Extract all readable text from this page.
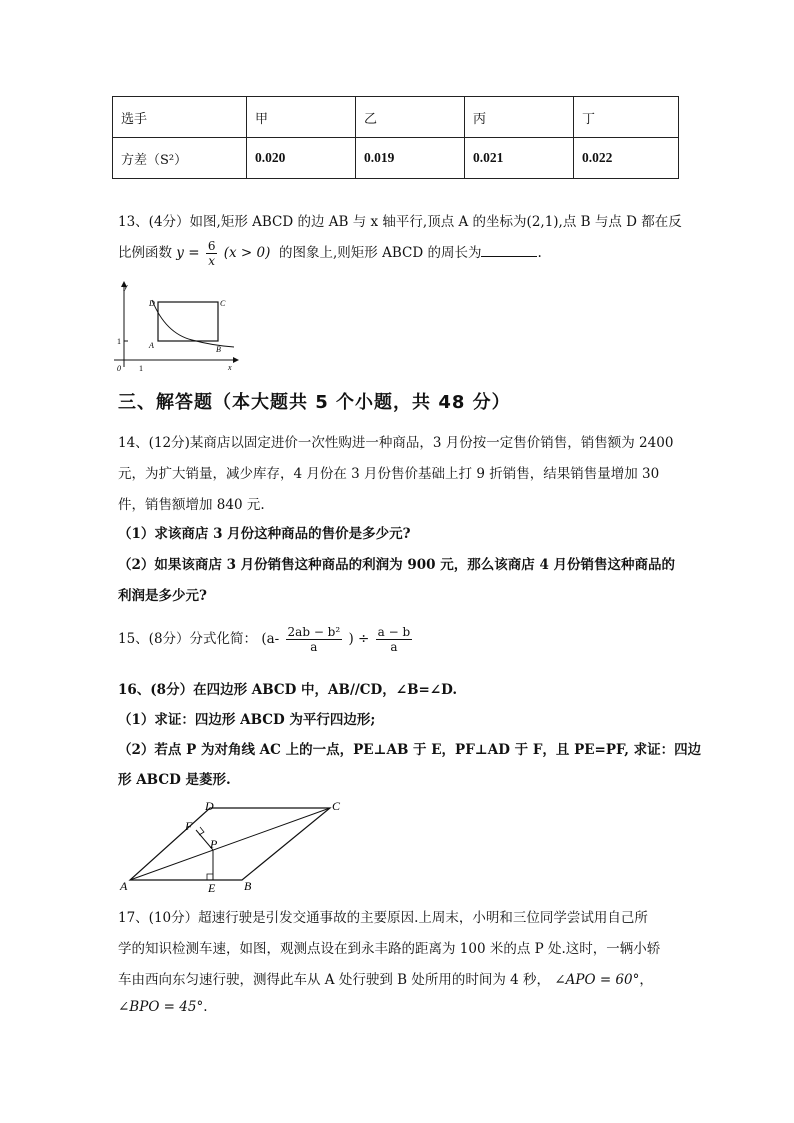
选手	甲	乙	丙	丁
方差（S²）	0.020	0.019	0.021	0.022
13、(4分）如图,矩形 ABCD 的边 AB 与 x 轴平行,顶点 A 的坐标为(2,1),点 B 与点 D 都在反
比例函数 $y = \frac{6}{x} (x > 0)$ 的图象上,则矩形 ABCD 的周长为	.
y
x
0 1
1	A	B
C
D
三、解答题（本大题共 5 个小题，共 48 分）
14、(12分)某商店以固定进价一次性购进一种商品，3 月份按一定售价销售，销售额为 2400
元，为扩大销量，减少库存，4 月份在 3 月份售价基础上打 9 折销售，结果销售量增加 30
件，销售额增加 840 元.
（1）求该商店 3 月份这种商品的售价是多少元?
（2）如果该商店 3 月份销售这种商品的利润为 900 元，那么该商店 4 月份销售这种商品的
利润是多少元?
15、(8分）分式化简： ($a- \frac{\text{2ab − b²}}{a}$ ) ÷ $\frac{a - b}{a}$
16、(8分）在四边形 ABCD 中，AB//CD，∠B=∠D.
（1）求证：四边形 ABCD 为平行四边形;
（2）若点 P 为对角线 AC 上的一点，PE⊥AB 于 E，PF⊥AD 于 F，且 PE=PF, 求证：四边
形 ABCD 是菱形.
A	B
C
D
E
F
P
17、(10分）超速行驶是引发交通事故的主要原因.上周末，小明和三位同学尝试用自己所
学的知识检测车速，如图，观测点设在到永丰路的距离为 100 米的点 P 处.这时，一辆小轿
车由西向东匀速行驶，测得此车从 A 处行驶到 B 处所用的时间为 4 秒， ∠APO = 60°，
∠BPO = 45°.
